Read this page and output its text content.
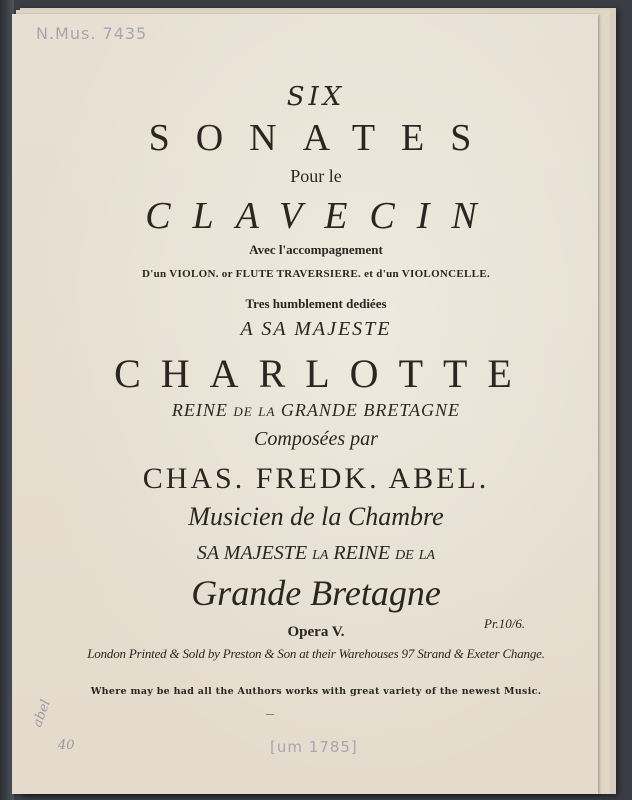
N.Mus. 7435
SIX
SONATES
Pour le
CLAVECIN
Avec l'accompagnement
D'un VIOLON. or FLUTE TRAVERSIERE. et d'un VIOLONCELLE.
Tres humblement dediées
A SA MAJESTE
CHARLOTTE
REINE de la GRANDE BRETAGNE
Composées par
CHAS. FREDK. ABEL.
Musicien de la Chambre
SA MAJESTE la REINE de la
Grande Bretagne
Pr.10/6.
Opera V.
London Printed & Sold by Preston & Son at their Warehouses 97 Strand & Exeter Change.
Where may be had all the Authors works with great variety of the newest Music.
abel
40	[um 1785]
